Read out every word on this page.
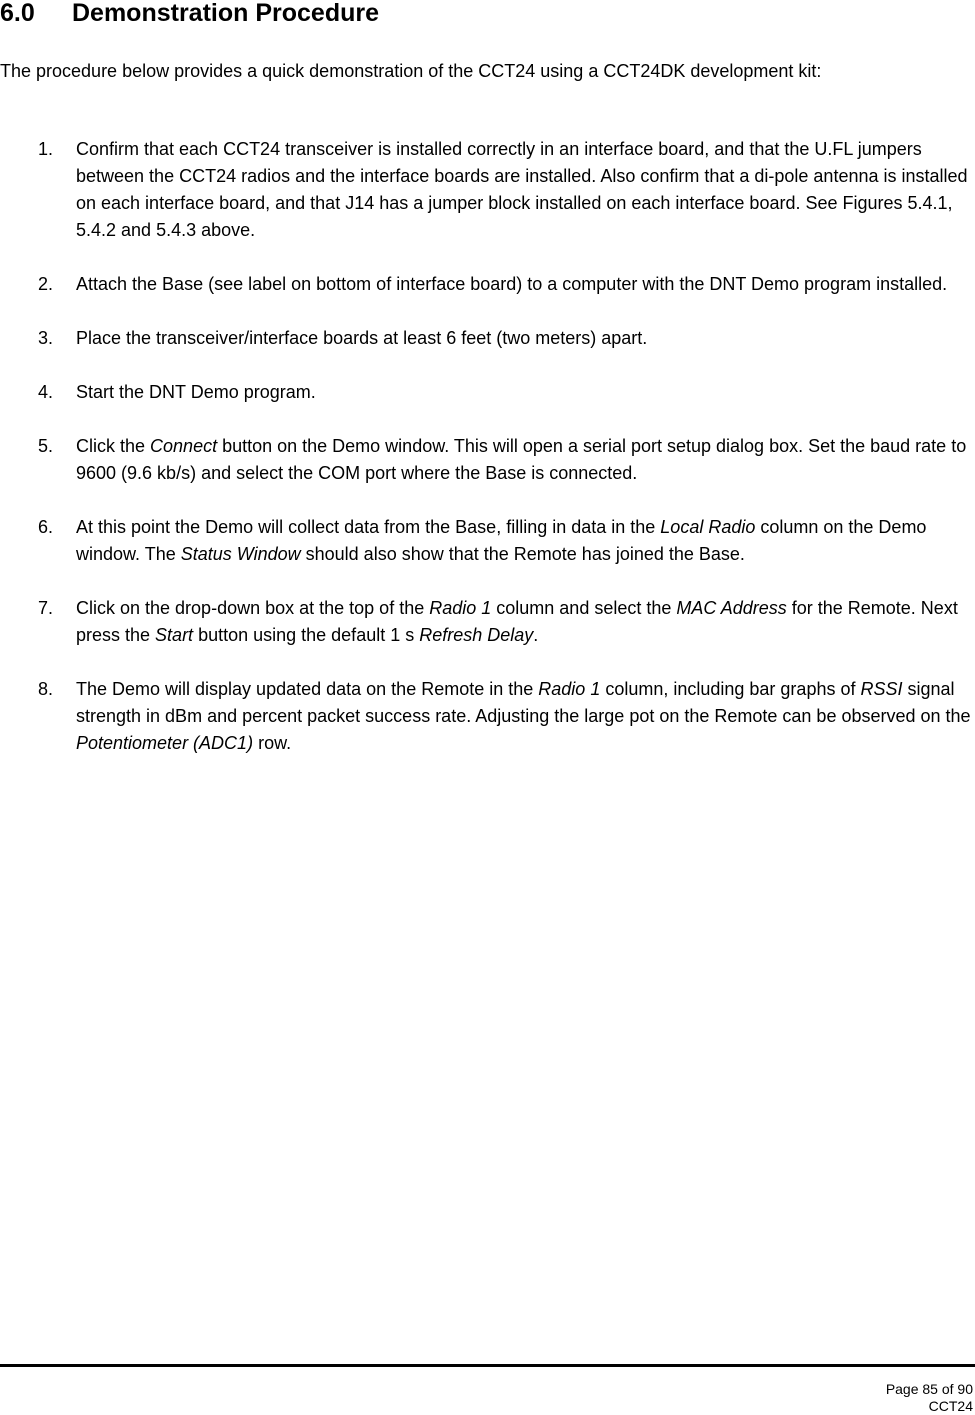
6.0 Demonstration Procedure

The procedure below provides a quick demonstration of the CCT24 using a CCT24DK development kit:

1. Confirm that each CCT24 transceiver is installed correctly in an interface board, and that the U.FL jumpers between the CCT24 radios and the interface boards are installed. Also confirm that a di-pole antenna is installed on each interface board, and that J14 has a jumper block installed on each interface board. See Figures 5.4.1, 5.4.2 and 5.4.3 above.
2. Attach the Base (see label on bottom of interface board) to a computer with the DNT Demo program installed.
3. Place the transceiver/interface boards at least 6 feet (two meters) apart.
4. Start the DNT Demo program.
5. Click the Connect button on the Demo window. This will open a serial port setup dialog box. Set the baud rate to 9600 (9.6 kb/s) and select the COM port where the Base is connected.
6. At this point the Demo will collect data from the Base, filling in data in the Local Radio column on the Demo window. The Status Window should also show that the Remote has joined the Base.
7. Click on the drop-down box at the top of the Radio 1 column and select the MAC Address for the Remote. Next press the Start button using the default 1 s Refresh Delay.
8. The Demo will display updated data on the Remote in the Radio 1 column, including bar graphs of RSSI signal strength in dBm and percent packet success rate. Adjusting the large pot on the Remote can be observed on the Potentiometer (ADC1) row.
Page 85 of 90
CCT24
